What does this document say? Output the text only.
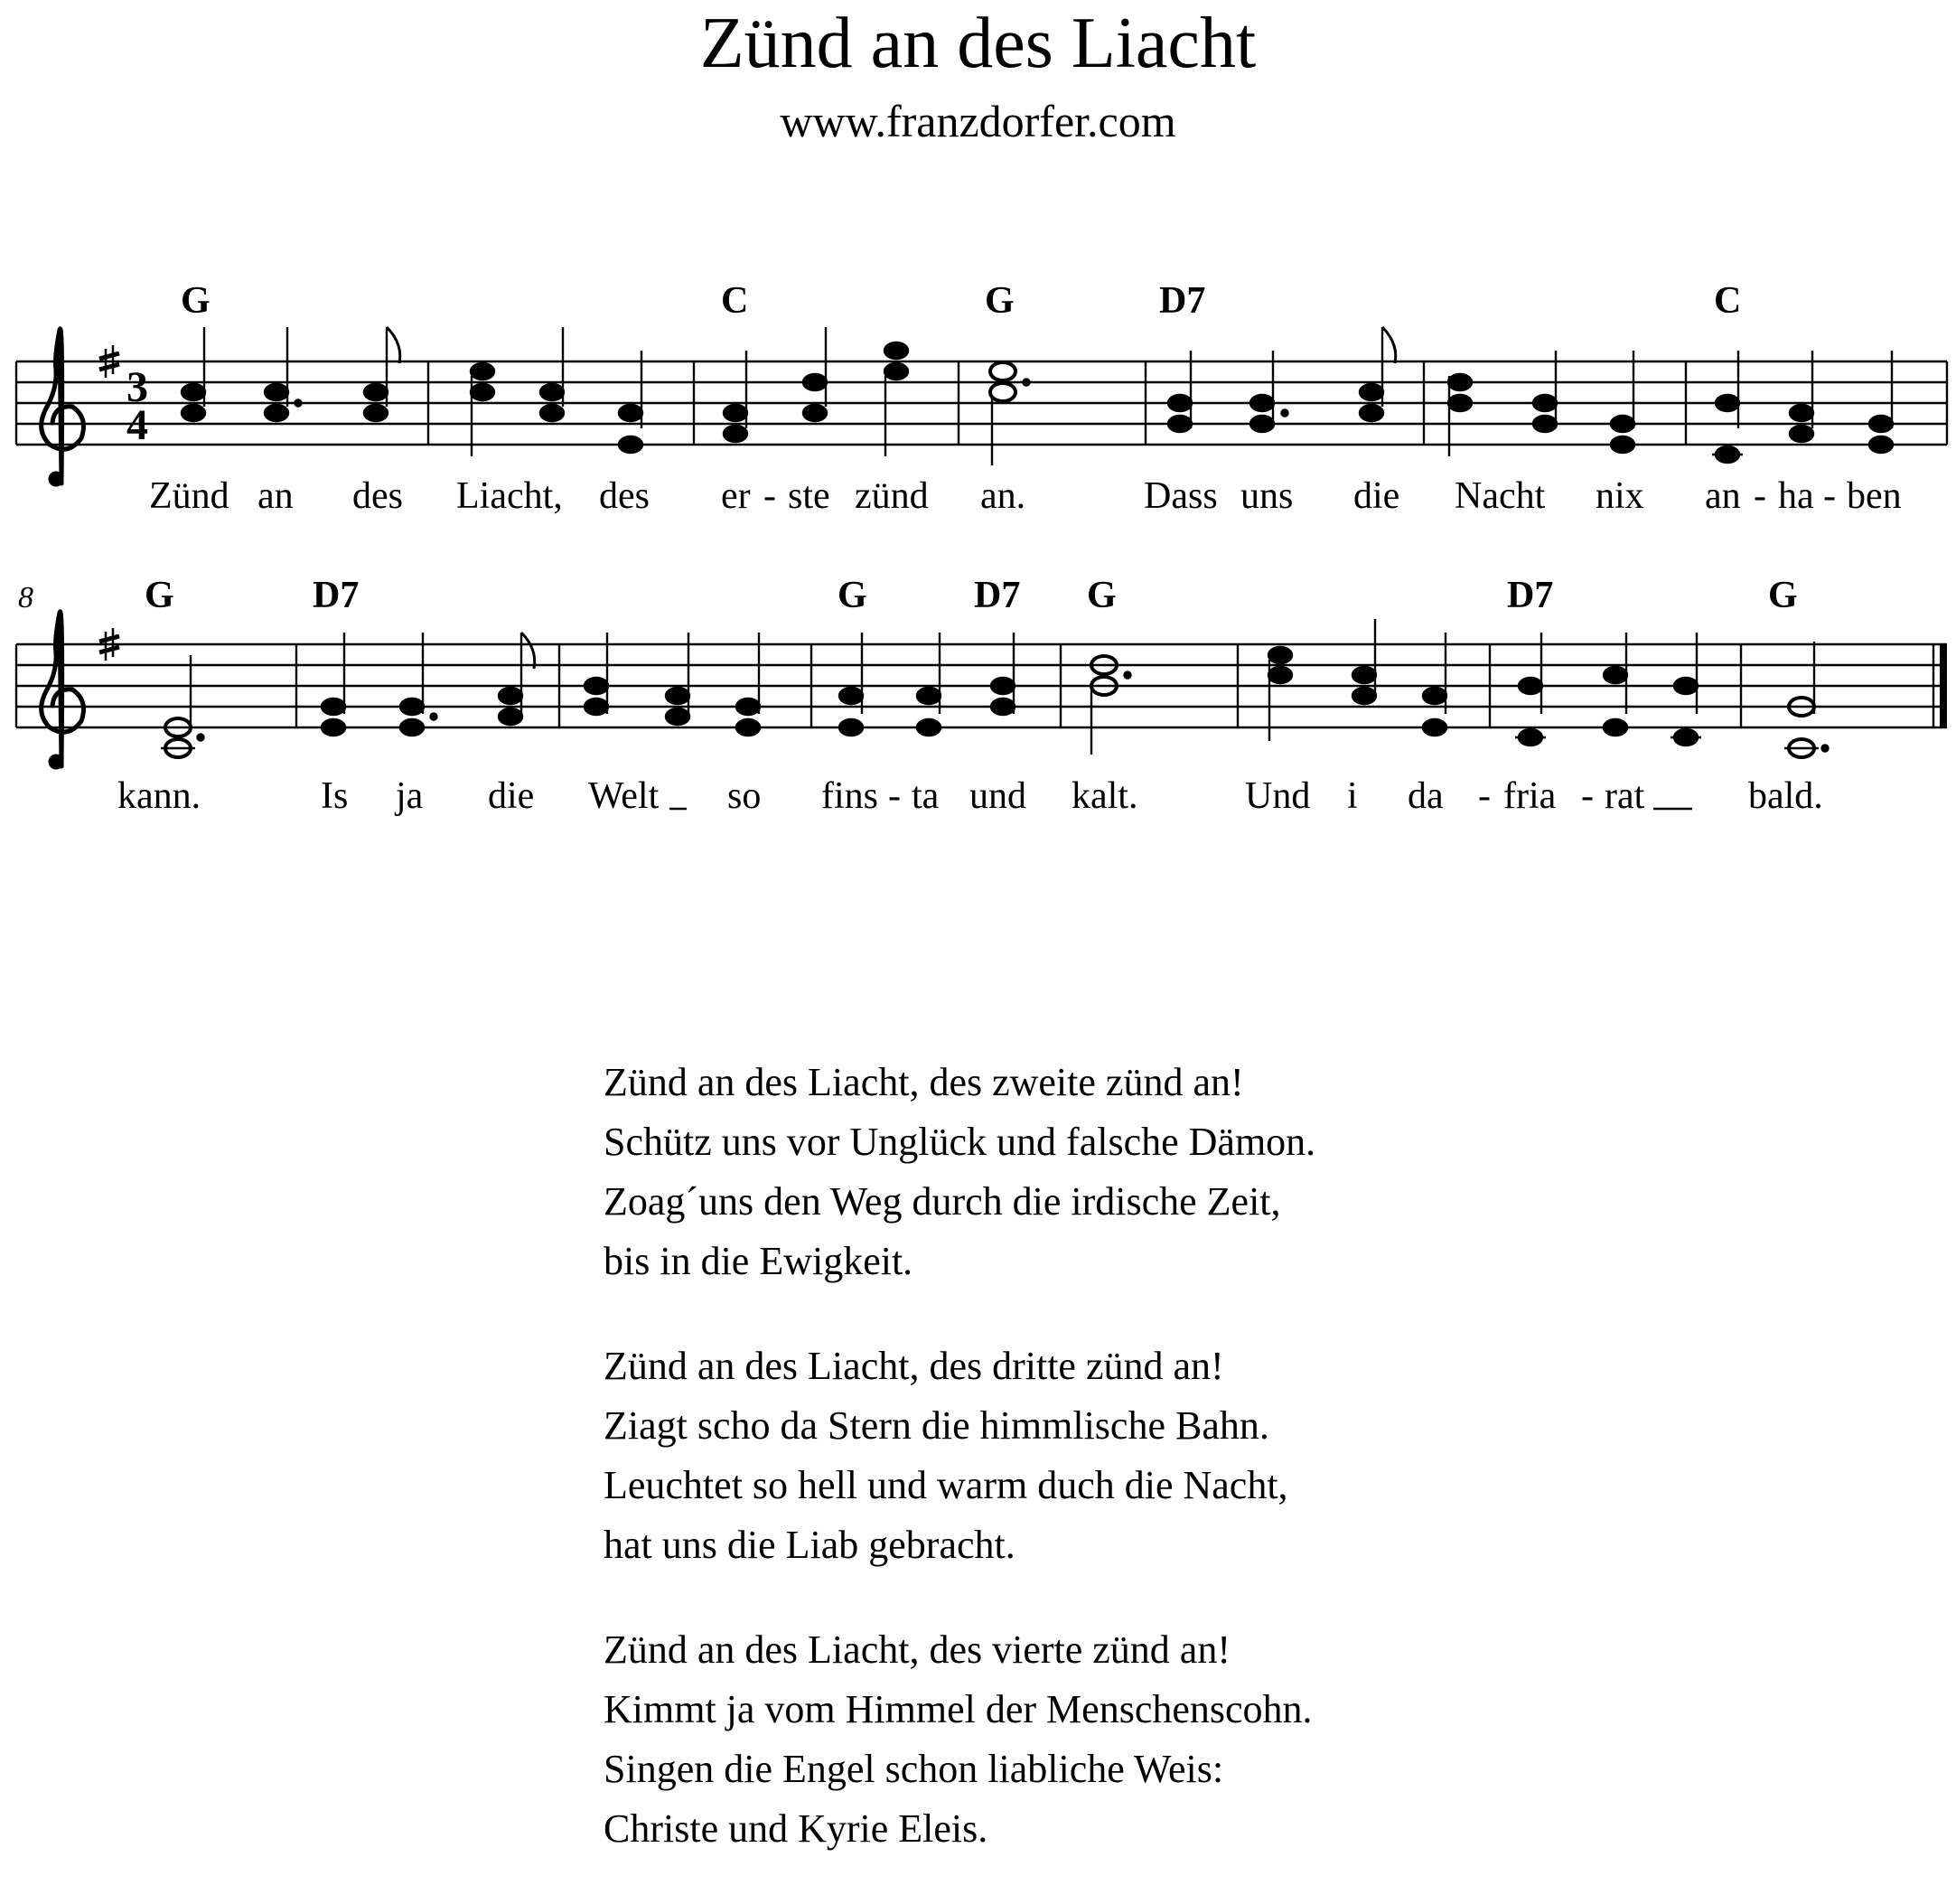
Zünd an des Liacht
www.franzdorfer.com
3
4
G	C	G	D7	C
Zünd an des Liacht, des er - ste zünd an.	Dass uns die Nacht nix an - ha - ben
8	G	D7	G	D7 G	D7	G
kann.	Is ja die Welt so fins - ta und kalt.	Und i da - fria - rat	bald.
Zünd an des Liacht, des zweite zünd an!
Schütz uns vor Unglück und falsche Dämon.
Zoag´uns den Weg durch die irdische Zeit,
bis in die Ewigkeit.
Zünd an des Liacht, des dritte zünd an!
Ziagt scho da Stern die himmlische Bahn.
Leuchtet so hell und warm duch die Nacht,
hat uns die Liab gebracht.
Zünd an des Liacht, des vierte zünd an!
Kimmt ja vom Himmel der Menschenscohn.
Singen die Engel schon liabliche Weis:
Christe und Kyrie Eleis.
